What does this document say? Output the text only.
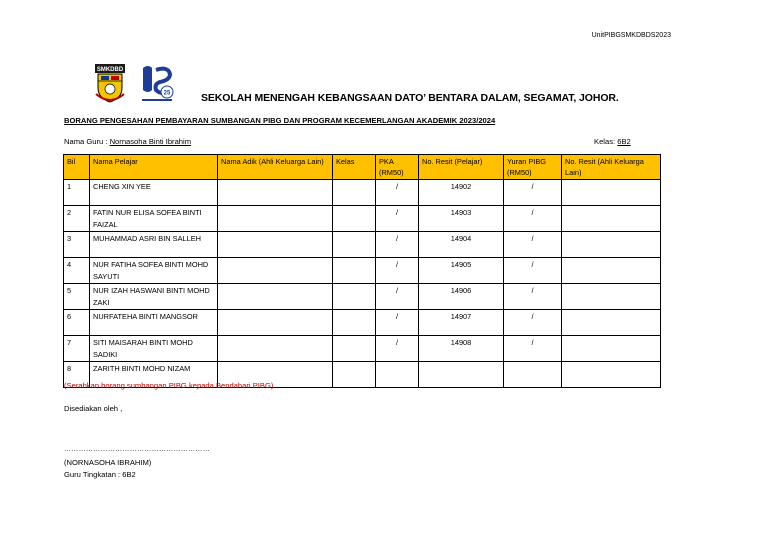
UnitPIBGSMKDBDS2023
SMKDBD
25	SEKOLAH MENENGAH KEBANGSAAN DATO’ BENTARA DALAM, SEGAMAT, JOHOR.
BORANG PENGESAHAN PEMBAYARAN SUMBANGAN PIBG DAN PROGRAM KECEMERLANGAN AKADEMIK 2023/2024
Nama Guru : Nornasoha Binti Ibrahim	Kelas: 6B2
Bil	Nama Pelajar	Nama Adik (Ahli Keluarga Lain)	Kelas	PKA (RM50)	No. Resit (Pelajar)	Yuran PIBG (RM50)	No. Resit (Ahli Keluarga Lain)
1	CHENG XIN YEE			/	14902	/	
2	FATIN NUR ELISA SOFEA BINTI FAIZAL			/	14903	/	
3	MUHAMMAD ASRI BIN SALLEH			/	14904	/	
4	NUR FATIHA SOFEA BINTI MOHD SAYUTI			/	14905	/	
5	NUR IZAH HASWANI BINTI MOHD ZAKI			/	14906	/	
6	NURFATEHA BINTI MANGSOR			/	14907	/	
7	SITI MAISARAH BINTI MOHD SADIKI			/	14908	/	
8	ZARITH BINTI MOHD NIZAM						
(Serahkan borang sumbangan PIBG kepada Bendahari PIBG)
Disediakan oleh ,
……………………………………………………
(NORNASOHA IBRAHIM)
Guru Tingkatan : 6B2
